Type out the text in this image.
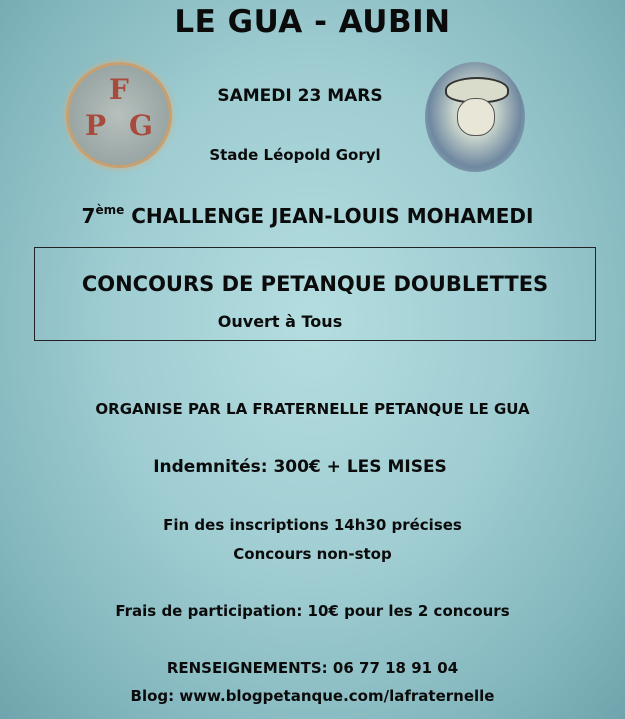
LE GUA - AUBIN
F
P G
SAMEDI 23 MARS
Stade Léopold Goryl
7ème CHALLENGE JEAN-LOUIS MOHAMEDI
CONCOURS DE PETANQUE DOUBLETTES
Ouvert à Tous
ORGANISE PAR LA FRATERNELLE PETANQUE LE GUA
Indemnités: 300€ + LES MISES
Fin des inscriptions 14h30 précises
Concours non-stop
Frais de participation: 10€ pour les 2 concours
RENSEIGNEMENTS: 06 77 18 91 04
Blog: www.blogpetanque.com/lafraternelle
